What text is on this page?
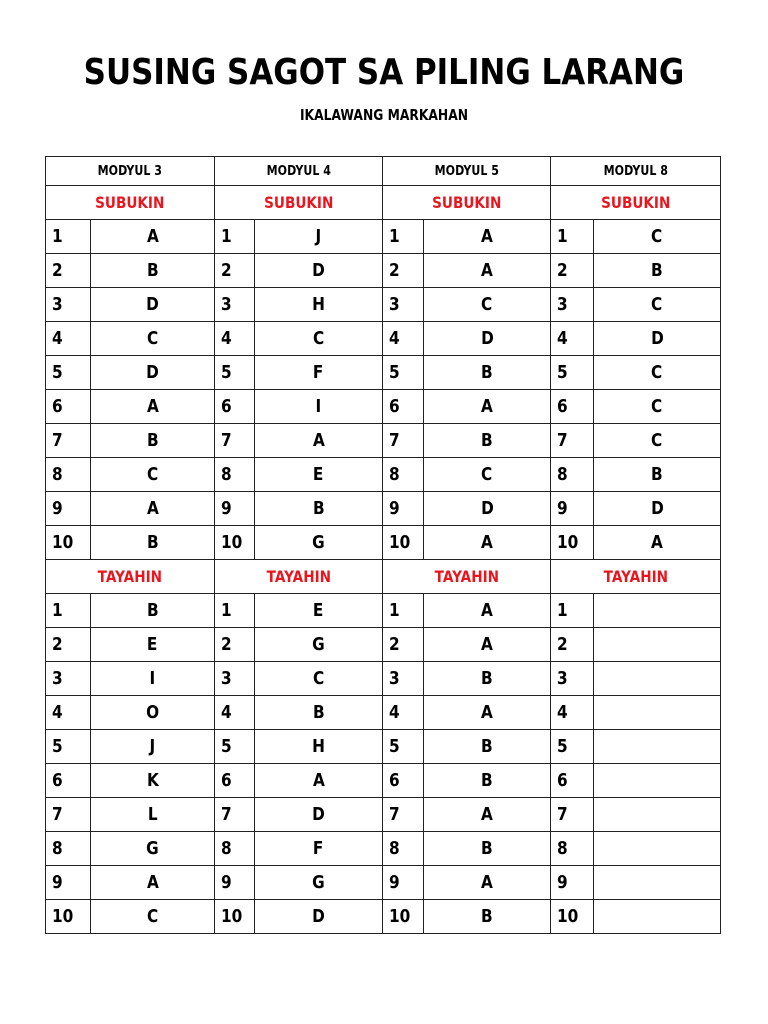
SUSING SAGOT SA PILING LARANG
IKALAWANG MARKAHAN
MODYUL 3		MODYUL 4		MODYUL 5		MODYUL 8	
SUBUKIN		SUBUKIN		SUBUKIN		SUBUKIN	
1	A	1	J	1	A	1	C
2	B	2	D	2	A	2	B
3	D	3	H	3	C	3	C
4	C	4	C	4	D	4	D
5	D	5	F	5	B	5	C
6	A	6	I	6	A	6	C
7	B	7	A	7	B	7	C
8	C	8	E	8	C	8	B
9	A	9	B	9	D	9	D
10	B	10	G	10	A	10	A
TAYAHIN		TAYAHIN		TAYAHIN		TAYAHIN	
1	B	1	E	1	A	1	
2	E	2	G	2	A	2	
3	I	3	C	3	B	3	
4	O	4	B	4	A	4	
5	J	5	H	5	B	5	
6	K	6	A	6	B	6	
7	L	7	D	7	A	7	
8	G	8	F	8	B	8	
9	A	9	G	9	A	9	
10	C	10	D	10	B	10	
